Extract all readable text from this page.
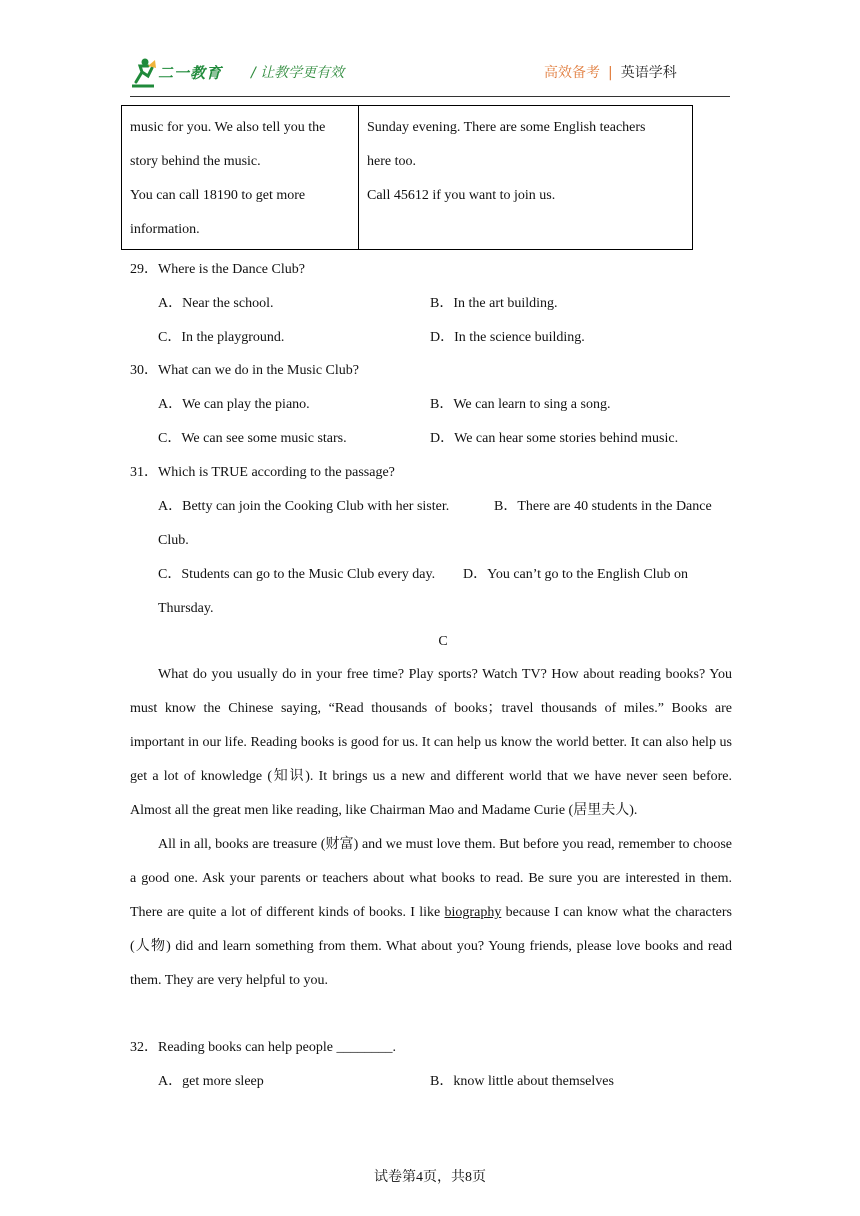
二一教育 / 让教学更有效	高效备考 | 英语学科

music for you. We also tell you the

story behind the music.

You can call 18190 to get more

information.

Sunday evening. There are some English teachers

here too.

Call 45612 if you want to join us.

29．Where is the Dance Club?
A．Near the school.	B．In the art building.
C．In the playground.	D．In the science building.
30．What can we do in the Music Club?
A．We can play the piano.	B．We can learn to sing a song.
C．We can see some music stars.	D．We can hear some stories behind music.
31．Which is TRUE according to the passage?
A．Betty can join the Cooking Club with her sister.	B．There are 40 students in the Dance
Club.
C．Students can go to the Music Club every day. D．You can’t go to the English Club on
Thursday.
C

What do you usually do in your free time? Play sports? Watch TV? How about reading books? You must know the Chinese saying, “Read thousands of books；travel thousands of miles.” Books are important in our life. Reading books is good for us. It can help us know the world better. It can also help us get a lot of knowledge (知识). It brings us a new and different world that we have never seen before. Almost all the great men like reading, like Chairman Mao and Madame Curie (居里夫人).

All in all, books are treasure (财富) and we must love them. But before you read, remember to choose a good one. Ask your parents or teachers about what books to read. Be sure you are interested in them. There are quite a lot of different kinds of books. I like biography because I can know what the characters (人物) did and learn something from them. What about you? Young friends, please love books and read them. They are very helpful to you.

32．Reading books can help people ________.
A．get more sleep	B．know little about themselves
试卷第4页，共8页
